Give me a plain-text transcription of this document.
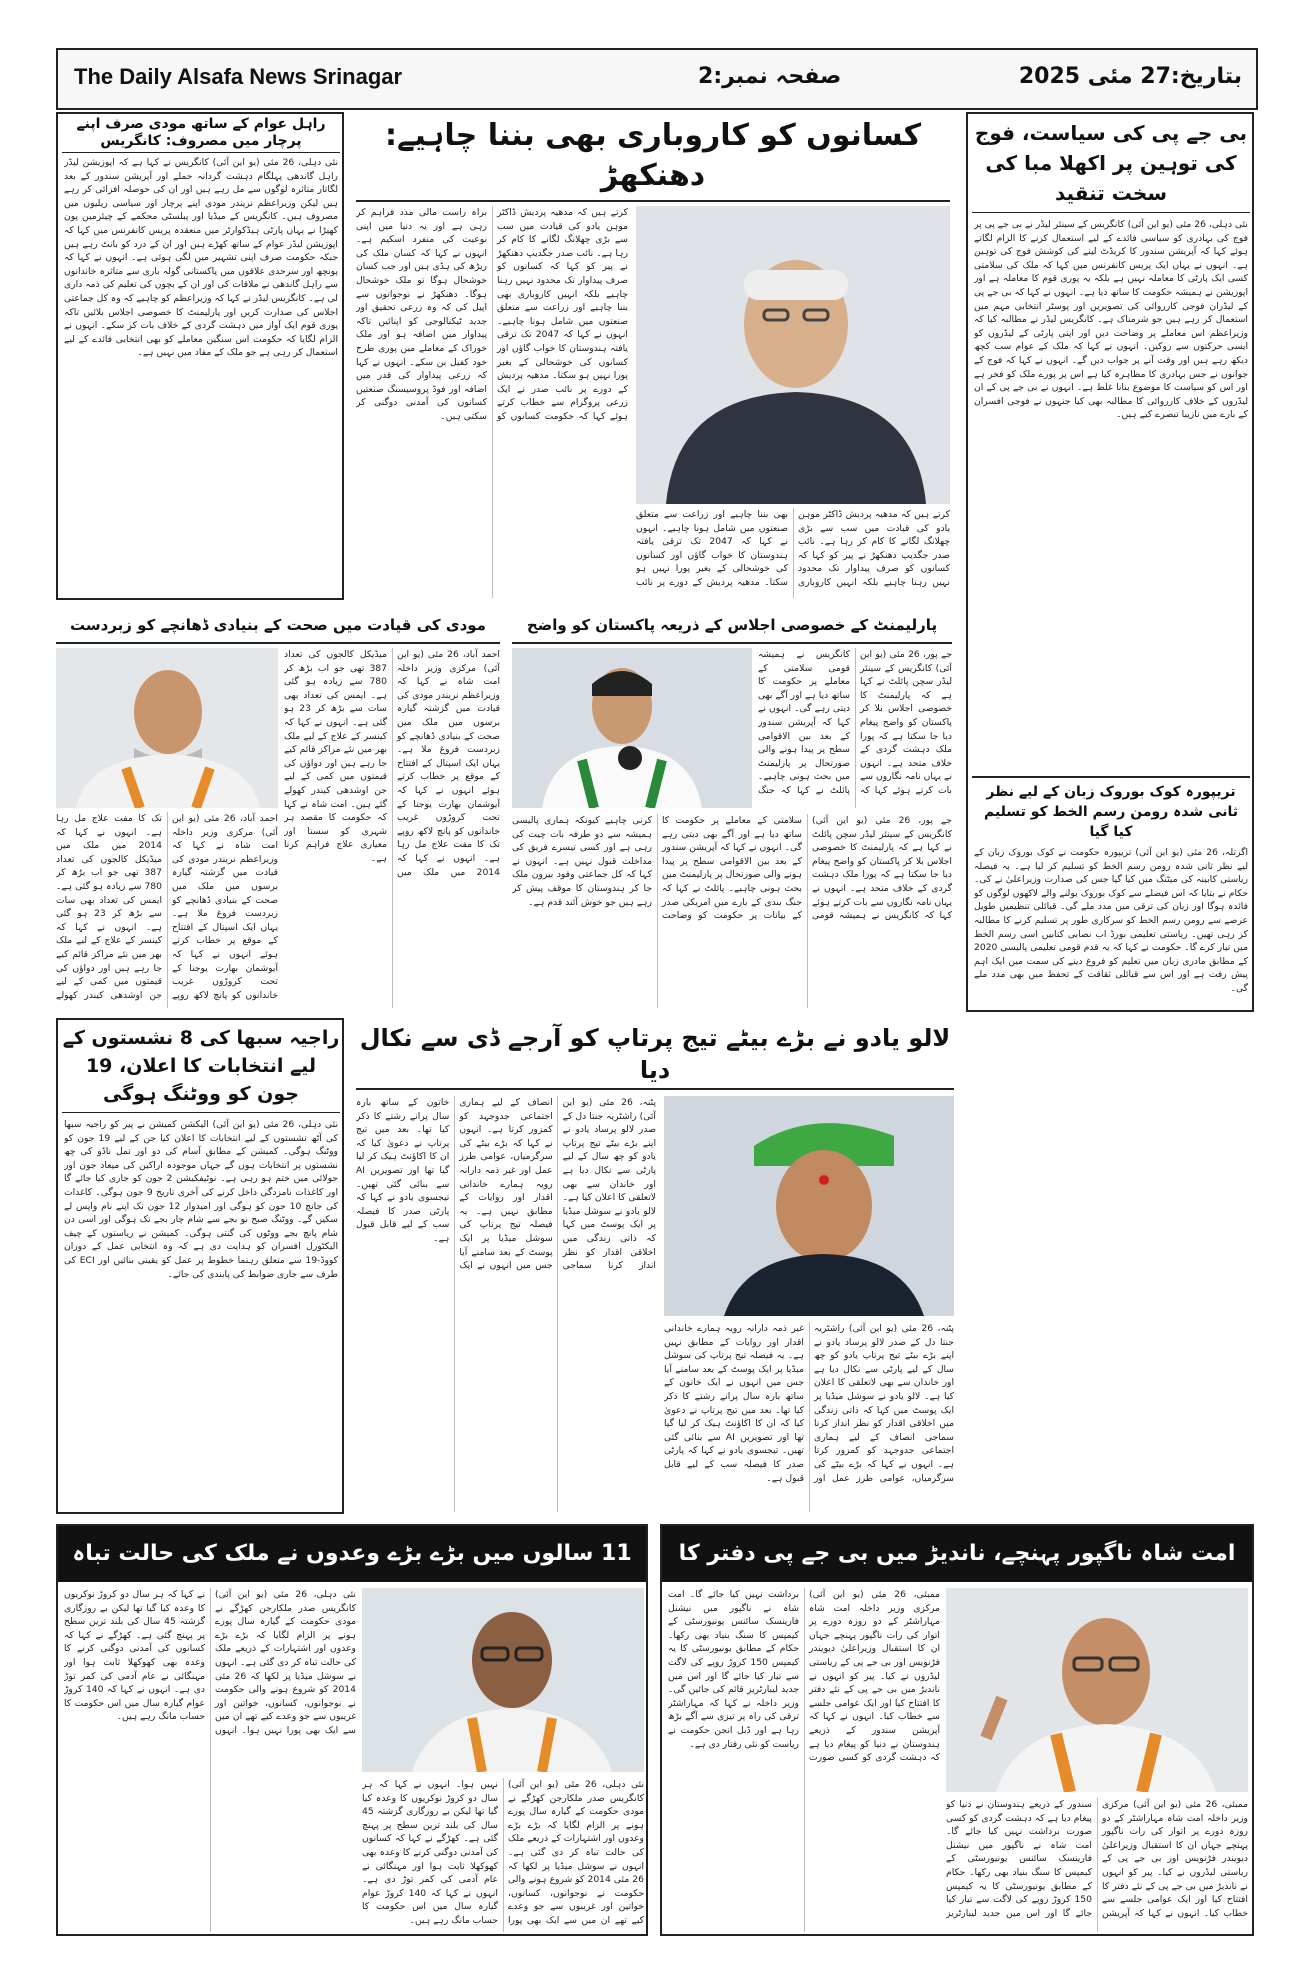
The Daily Alsafa News Srinagar	صفحہ نمبر:2	بتاریخ:27 مئی 2025
راہل عوام کے ساتھ مودی صرف اپنے پرچار میں مصروف: کانگریس
نئی دہلی، 26 مئی (یو این آئی) کانگریس نے کہا ہے کہ اپوزیشن لیڈر راہل گاندھی پہلگام دہشت گردانہ حملے اور آپریشن سندور کے بعد لگاتار متاثرہ لوگوں سے مل رہے ہیں اور ان کی حوصلہ افزائی کر رہے ہیں لیکن وزیراعظم نریندر مودی اپنے پرچار اور سیاسی ریلیوں میں مصروف ہیں۔ کانگریس کے میڈیا اور پبلسٹی محکمے کے چیئرمین پون کھیڑا نے یہاں پارٹی ہیڈکوارٹر میں منعقدہ پریس کانفرنس میں کہا کہ اپوزیشن لیڈر عوام کے ساتھ کھڑے ہیں اور ان کے درد کو بانٹ رہے ہیں جبکہ حکومت صرف اپنی تشہیر میں لگی ہوئی ہے۔ انہوں نے کہا کہ پونچھ اور سرحدی علاقوں میں پاکستانی گولہ باری سے متاثرہ خاندانوں سے راہل گاندھی نے ملاقات کی اور ان کے بچوں کی تعلیم کی ذمہ داری لی ہے۔ کانگریس لیڈر نے کہا کہ وزیراعظم کو چاہیے کہ وہ کل جماعتی اجلاس کی صدارت کریں اور پارلیمنٹ کا خصوصی اجلاس بلائیں تاکہ پوری قوم ایک آواز میں دہشت گردی کے خلاف بات کر سکے۔ انہوں نے الزام لگایا کہ حکومت اس سنگین معاملے کو بھی انتخابی فائدے کے لیے استعمال کر رہی ہے جو ملک کے مفاد میں نہیں ہے۔
کسانوں کو کاروباری بھی بننا چاہیے: دھنکھڑ
کرتے ہیں کہ مدھیہ پردیش ڈاکٹر موہن یادو کی قیادت میں سب سے بڑی چھلانگ لگانے کا کام کر رہا ہے۔ نائب صدر جگدیپ دھنکھڑ نے پیر کو کہا کہ کسانوں کو صرف پیداوار تک محدود نہیں رہنا چاہیے بلکہ انہیں کاروباری بھی بننا چاہیے اور زراعت سے متعلق صنعتوں میں شامل ہونا چاہیے۔ انہوں نے کہا کہ 2047 تک ترقی یافتہ ہندوستان کا خواب گاؤں اور کسانوں کی خوشحالی کے بغیر پورا نہیں ہو سکتا۔ مدھیہ پردیش کے دورے پر نائب صدر نے ایک زرعی پروگرام سے خطاب کرتے ہوئے کہا کہ حکومت کسانوں کو براہ راست مالی مدد فراہم کر رہی ہے اور یہ دنیا میں اپنی نوعیت کی منفرد اسکیم ہے۔ انہوں نے کہا کہ کسان ملک کی ریڑھ کی ہڈی ہیں اور جب کسان خوشحال ہوگا تو ملک خوشحال ہوگا۔ دھنکھڑ نے نوجوانوں سے اپیل کی کہ وہ زرعی تحقیق اور جدید ٹیکنالوجی کو اپنائیں تاکہ پیداوار میں اضافہ ہو اور ملک خوراک کے معاملے میں پوری طرح خود کفیل بن سکے۔ انہوں نے کہا کہ زرعی پیداوار کی قدر میں اضافہ اور فوڈ پروسیسنگ صنعتیں کسانوں کی آمدنی دوگنی کر سکتی ہیں۔
کرتے ہیں کہ مدھیہ پردیش ڈاکٹر موہن یادو کی قیادت میں سب سے بڑی چھلانگ لگانے کا کام کر رہا ہے۔ نائب صدر جگدیپ دھنکھڑ نے پیر کو کہا کہ کسانوں کو صرف پیداوار تک محدود نہیں رہنا چاہیے بلکہ انہیں کاروباری بھی بننا چاہیے اور زراعت سے متعلق صنعتوں میں شامل ہونا چاہیے۔ انہوں نے کہا کہ 2047 تک ترقی یافتہ ہندوستان کا خواب گاؤں اور کسانوں کی خوشحالی کے بغیر پورا نہیں ہو سکتا۔ مدھیہ پردیش کے دورے پر نائب
بی جے پی کی سیاست، فوج کی توہین پر اکھلا مبا کی سخت تنقید
نئی دہلی، 26 مئی (یو این آئی) کانگریس کے سینئر لیڈر نے بی جے پی پر فوج کی بہادری کو سیاسی فائدے کے لیے استعمال کرنے کا الزام لگاتے ہوئے کہا کہ آپریشن سندور کا کریڈٹ لینے کی کوشش فوج کی توہین ہے۔ انہوں نے یہاں ایک پریس کانفرنس میں کہا کہ ملک کی سلامتی کسی ایک پارٹی کا معاملہ نہیں ہے بلکہ یہ پوری قوم کا معاملہ ہے اور اپوزیشن نے ہمیشہ حکومت کا ساتھ دیا ہے۔ انہوں نے کہا کہ بی جے پی کے لیڈران فوجی کارروائی کی تصویریں اور پوسٹر انتخابی مہم میں استعمال کر رہے ہیں جو شرمناک ہے۔ کانگریس لیڈر نے مطالبہ کیا کہ وزیراعظم اس معاملے پر وضاحت دیں اور اپنی پارٹی کے لیڈروں کو ایسی حرکتوں سے روکیں۔ انہوں نے کہا کہ ملک کے عوام سب کچھ دیکھ رہے ہیں اور وقت آنے پر جواب دیں گے۔ انہوں نے کہا کہ فوج کے جوانوں نے جس بہادری کا مظاہرہ کیا ہے اس پر پورے ملک کو فخر ہے اور اس کو سیاست کا موضوع بنانا غلط ہے۔ انہوں نے بی جے پی کے ان لیڈروں کے خلاف کارروائی کا مطالبہ بھی کیا جنہوں نے فوجی افسران کے بارے میں نازیبا تبصرے کیے ہیں۔
تریپورہ کوک بوروک زبان کے لیے نظر ثانی شدہ رومن رسم الخط کو تسلیم کیا گیا
اگرتلہ، 26 مئی (یو این آئی) تریپورہ حکومت نے کوک بوروک زبان کے لیے نظر ثانی شدہ رومن رسم الخط کو تسلیم کر لیا ہے۔ یہ فیصلہ ریاستی کابینہ کی میٹنگ میں کیا گیا جس کی صدارت وزیراعلیٰ نے کی۔ حکام نے بتایا کہ اس فیصلے سے کوک بوروک بولنے والے لاکھوں لوگوں کو فائدہ ہوگا اور زبان کی ترقی میں مدد ملے گی۔ قبائلی تنظیمیں طویل عرصے سے رومن رسم الخط کو سرکاری طور پر تسلیم کرنے کا مطالبہ کر رہی تھیں۔ ریاستی تعلیمی بورڈ اب نصابی کتابیں اسی رسم الخط میں تیار کرے گا۔ حکومت نے کہا کہ یہ قدم قومی تعلیمی پالیسی 2020 کے مطابق مادری زبان میں تعلیم کو فروغ دینے کی سمت میں ایک اہم پیش رفت ہے اور اس سے قبائلی ثقافت کے تحفظ میں بھی مدد ملے گی۔
مودی کی قیادت میں صحت کے بنیادی ڈھانچے کو زبردست
احمد آباد، 26 مئی (یو این آئی) مرکزی وزیر داخلہ امت شاہ نے کہا کہ وزیراعظم نریندر مودی کی قیادت میں گزشتہ گیارہ برسوں میں ملک میں صحت کے بنیادی ڈھانچے کو زبردست فروغ ملا ہے۔ یہاں ایک اسپتال کے افتتاح کے موقع پر خطاب کرتے ہوئے انہوں نے کہا کہ آیوشمان بھارت یوجنا کے تحت کروڑوں غریب خاندانوں کو پانچ لاکھ روپے تک کا مفت علاج مل رہا ہے۔ انہوں نے کہا کہ 2014 میں ملک میں میڈیکل کالجوں کی تعداد 387 تھی جو اب بڑھ کر 780 سے زیادہ ہو گئی ہے۔ ایمس کی تعداد بھی سات سے بڑھ کر 23 ہو گئی ہے۔ انہوں نے کہا کہ کینسر کے علاج کے لیے ملک بھر میں نئے مراکز قائم کیے جا رہے ہیں اور دواؤں کی قیمتوں میں کمی کے لیے جن اوشدھی کیندر کھولے گئے ہیں۔ امت شاہ نے کہا کہ حکومت کا مقصد ہر شہری کو سستا اور معیاری علاج فراہم کرنا ہے۔
احمد آباد، 26 مئی (یو این آئی) مرکزی وزیر داخلہ امت شاہ نے کہا کہ وزیراعظم نریندر مودی کی قیادت میں گزشتہ گیارہ برسوں میں ملک میں صحت کے بنیادی ڈھانچے کو زبردست فروغ ملا ہے۔ یہاں ایک اسپتال کے افتتاح کے موقع پر خطاب کرتے ہوئے انہوں نے کہا کہ آیوشمان بھارت یوجنا کے تحت کروڑوں غریب خاندانوں کو پانچ لاکھ روپے تک کا مفت علاج مل رہا ہے۔ انہوں نے کہا کہ 2014 میں ملک میں میڈیکل کالجوں کی تعداد 387 تھی جو اب بڑھ کر 780 سے زیادہ ہو گئی ہے۔ ایمس کی تعداد بھی سات سے بڑھ کر 23 ہو گئی ہے۔ انہوں نے کہا کہ کینسر کے علاج کے لیے ملک بھر میں نئے مراکز قائم کیے جا رہے ہیں اور دواؤں کی قیمتوں میں کمی کے لیے جن اوشدھی کیندر کھولے
پارلیمنٹ کے خصوصی اجلاس کے ذریعہ پاکستان کو واضح
جے پور، 26 مئی (یو این آئی) کانگریس کے سینئر لیڈر سچن پائلٹ نے کہا ہے کہ پارلیمنٹ کا خصوصی اجلاس بلا کر پاکستان کو واضح پیغام دیا جا سکتا ہے کہ پورا ملک دہشت گردی کے خلاف متحد ہے۔ انہوں نے یہاں نامہ نگاروں سے بات کرتے ہوئے کہا کہ کانگریس نے ہمیشہ قومی سلامتی کے معاملے پر حکومت کا ساتھ دیا ہے اور آگے بھی دیتی رہے گی۔ انہوں نے کہا کہ آپریشن سندور کے بعد بین الاقوامی سطح پر پیدا ہونے والی صورتحال پر پارلیمنٹ میں بحث ہونی چاہیے۔ پائلٹ نے کہا کہ جنگ
جے پور، 26 مئی (یو این آئی) کانگریس کے سینئر لیڈر سچن پائلٹ نے کہا ہے کہ پارلیمنٹ کا خصوصی اجلاس بلا کر پاکستان کو واضح پیغام دیا جا سکتا ہے کہ پورا ملک دہشت گردی کے خلاف متحد ہے۔ انہوں نے یہاں نامہ نگاروں سے بات کرتے ہوئے کہا کہ کانگریس نے ہمیشہ قومی سلامتی کے معاملے پر حکومت کا ساتھ دیا ہے اور آگے بھی دیتی رہے گی۔ انہوں نے کہا کہ آپریشن سندور کے بعد بین الاقوامی سطح پر پیدا ہونے والی صورتحال پر پارلیمنٹ میں بحث ہونی چاہیے۔ پائلٹ نے کہا کہ جنگ بندی کے بارے میں امریکی صدر کے بیانات پر حکومت کو وضاحت کرنی چاہیے کیونکہ ہماری پالیسی ہمیشہ سے دو طرفہ بات چیت کی رہی ہے اور کسی تیسرے فریق کی مداخلت قبول نہیں ہے۔ انہوں نے کہا کہ کل جماعتی وفود بیرون ملک جا کر ہندوستان کا موقف پیش کر رہے ہیں جو خوش آئند قدم ہے۔
راجیہ سبھا کی 8 نشستوں کے لیے انتخابات کا اعلان، 19 جون کو ووٹنگ ہوگی
نئی دہلی، 26 مئی (یو این آئی) الیکشن کمیشن نے پیر کو راجیہ سبھا کی آٹھ نشستوں کے لیے انتخابات کا اعلان کیا جن کے لیے 19 جون کو ووٹنگ ہوگی۔ کمیشن کے مطابق آسام کی دو اور تمل ناڈو کی چھ نشستوں پر انتخابات ہوں گے جہاں موجودہ اراکین کی میعاد جون اور جولائی میں ختم ہو رہی ہے۔ نوٹیفکیشن 2 جون کو جاری کیا جائے گا اور کاغذات نامزدگی داخل کرنے کی آخری تاریخ 9 جون ہوگی۔ کاغذات کی جانچ 10 جون کو ہوگی اور امیدوار 12 جون تک اپنے نام واپس لے سکیں گے۔ ووٹنگ صبح نو بجے سے شام چار بجے تک ہوگی اور اسی دن شام پانچ بجے ووٹوں کی گنتی ہوگی۔ کمیشن نے ریاستوں کے چیف الیکٹورل افسران کو ہدایت دی ہے کہ وہ انتخابی عمل کے دوران کووڈ-19 سے متعلق رہنما خطوط پر عمل کو یقینی بنائیں اور ECI کی طرف سے جاری ضوابط کی پابندی کی جائے۔
لالو یادو نے بڑے بیٹے تیج پرتاپ کو آرجے ڈی سے نکال دیا
پٹنہ، 26 مئی (یو این آئی) راشٹریہ جنتا دل کے صدر لالو پرساد یادو نے اپنے بڑے بیٹے تیج پرتاپ یادو کو چھ سال کے لیے پارٹی سے نکال دیا ہے اور خاندان سے بھی لاتعلقی کا اعلان کیا ہے۔ لالو یادو نے سوشل میڈیا پر ایک پوسٹ میں کہا کہ ذاتی زندگی میں اخلاقی اقدار کو نظر انداز کرنا سماجی انصاف کے لیے ہماری اجتماعی جدوجہد کو کمزور کرتا ہے۔ انہوں نے کہا کہ بڑے بیٹے کی سرگرمیاں، عوامی طرز عمل اور غیر ذمہ دارانہ رویہ ہمارے خاندانی اقدار اور روایات کے مطابق نہیں ہے۔ یہ فیصلہ تیج پرتاپ کی سوشل میڈیا پر ایک پوسٹ کے بعد سامنے آیا جس میں انہوں نے ایک خاتون کے ساتھ بارہ سال پرانے رشتے کا ذکر کیا تھا۔ بعد میں تیج پرتاپ نے دعویٰ کیا کہ ان کا اکاؤنٹ ہیک کر لیا گیا تھا اور تصویریں AI سے بنائی گئی تھیں۔ تیجسوی یادو نے کہا کہ پارٹی صدر کا فیصلہ سب کے لیے قابل قبول ہے۔
پٹنہ، 26 مئی (یو این آئی) راشٹریہ جنتا دل کے صدر لالو پرساد یادو نے اپنے بڑے بیٹے تیج پرتاپ یادو کو چھ سال کے لیے پارٹی سے نکال دیا ہے اور خاندان سے بھی لاتعلقی کا اعلان کیا ہے۔ لالو یادو نے سوشل میڈیا پر ایک پوسٹ میں کہا کہ ذاتی زندگی میں اخلاقی اقدار کو نظر انداز کرنا سماجی انصاف کے لیے ہماری اجتماعی جدوجہد کو کمزور کرتا ہے۔ انہوں نے کہا کہ بڑے بیٹے کی سرگرمیاں، عوامی طرز عمل اور غیر ذمہ دارانہ رویہ ہمارے خاندانی اقدار اور روایات کے مطابق نہیں ہے۔ یہ فیصلہ تیج پرتاپ کی سوشل میڈیا پر ایک پوسٹ کے بعد سامنے آیا جس میں انہوں نے ایک خاتون کے ساتھ بارہ سال پرانے رشتے کا ذکر کیا تھا۔ بعد میں تیج پرتاپ نے دعویٰ کیا کہ ان کا اکاؤنٹ ہیک کر لیا گیا تھا اور تصویریں AI سے بنائی گئی تھیں۔ تیجسوی یادو نے کہا کہ پارٹی صدر کا فیصلہ سب کے لیے قابل قبول ہے۔
11 سالوں میں بڑے بڑے وعدوں نے ملک کی حالت تباہ
نئی دہلی، 26 مئی (یو این آئی) کانگریس صدر ملکارجن کھڑگے نے مودی حکومت کے گیارہ سال پورے ہونے پر الزام لگایا کہ بڑے بڑے وعدوں اور اشتہارات کے ذریعے ملک کی حالت تباہ کر دی گئی ہے۔ انہوں نے سوشل میڈیا پر لکھا کہ 26 مئی 2014 کو شروع ہونے والی حکومت نے نوجوانوں، کسانوں، خواتین اور غریبوں سے جو وعدے کیے تھے ان میں سے ایک بھی پورا نہیں ہوا۔ انہوں نے کہا کہ ہر سال دو کروڑ نوکریوں کا وعدہ کیا گیا تھا لیکن بے روزگاری گزشتہ 45 سال کی بلند ترین سطح پر پہنچ گئی ہے۔ کھڑگے نے کہا کہ کسانوں کی آمدنی دوگنی کرنے کا وعدہ بھی کھوکھلا ثابت ہوا اور مہنگائی نے عام آدمی کی کمر توڑ دی ہے۔ انہوں نے کہا کہ 140 کروڑ عوام گیارہ سال میں اس حکومت کا حساب مانگ رہے ہیں۔
نئی دہلی، 26 مئی (یو این آئی) کانگریس صدر ملکارجن کھڑگے نے مودی حکومت کے گیارہ سال پورے ہونے پر الزام لگایا کہ بڑے بڑے وعدوں اور اشتہارات کے ذریعے ملک کی حالت تباہ کر دی گئی ہے۔ انہوں نے سوشل میڈیا پر لکھا کہ 26 مئی 2014 کو شروع ہونے والی حکومت نے نوجوانوں، کسانوں، خواتین اور غریبوں سے جو وعدے کیے تھے ان میں سے ایک بھی پورا نہیں ہوا۔ انہوں نے کہا کہ ہر سال دو کروڑ نوکریوں کا وعدہ کیا گیا تھا لیکن بے روزگاری گزشتہ 45 سال کی بلند ترین سطح پر پہنچ گئی ہے۔ کھڑگے نے کہا کہ کسانوں کی آمدنی دوگنی کرنے کا وعدہ بھی کھوکھلا ثابت ہوا اور مہنگائی نے عام آدمی کی کمر توڑ دی ہے۔ انہوں نے کہا کہ 140 کروڑ عوام گیارہ سال میں اس حکومت کا حساب مانگ رہے ہیں۔
امت شاہ ناگپور پہنچے، ناندیڑ میں بی جے پی دفتر کا
ممبئی، 26 مئی (یو این آئی) مرکزی وزیر داخلہ امت شاہ مہاراشٹر کے دو روزہ دورے پر اتوار کی رات ناگپور پہنچے جہاں ان کا استقبال وزیراعلیٰ دیویندر فڑنویس اور بی جے پی کے ریاستی لیڈروں نے کیا۔ پیر کو انہوں نے ناندیڑ میں بی جے پی کے نئے دفتر کا افتتاح کیا اور ایک عوامی جلسے سے خطاب کیا۔ انہوں نے کہا کہ آپریشن سندور کے ذریعے ہندوستان نے دنیا کو پیغام دیا ہے کہ دہشت گردی کو کسی صورت برداشت نہیں کیا جائے گا۔ امت شاہ نے ناگپور میں نیشنل فارینسک سائنس یونیورسٹی کے کیمپس کا سنگ بنیاد بھی رکھا۔ حکام کے مطابق یونیورسٹی کا یہ کیمپس 150 کروڑ روپے کی لاگت سے تیار کیا جائے گا اور اس میں جدید لیبارٹریز قائم کی جائیں گی۔ وزیر داخلہ نے کہا کہ مہاراشٹر ترقی کی راہ پر تیزی سے آگے بڑھ رہا ہے اور ڈبل انجن حکومت نے ریاست کو نئی رفتار دی ہے۔
ممبئی، 26 مئی (یو این آئی) مرکزی وزیر داخلہ امت شاہ مہاراشٹر کے دو روزہ دورے پر اتوار کی رات ناگپور پہنچے جہاں ان کا استقبال وزیراعلیٰ دیویندر فڑنویس اور بی جے پی کے ریاستی لیڈروں نے کیا۔ پیر کو انہوں نے ناندیڑ میں بی جے پی کے نئے دفتر کا افتتاح کیا اور ایک عوامی جلسے سے خطاب کیا۔ انہوں نے کہا کہ آپریشن سندور کے ذریعے ہندوستان نے دنیا کو پیغام دیا ہے کہ دہشت گردی کو کسی صورت برداشت نہیں کیا جائے گا۔ امت شاہ نے ناگپور میں نیشنل فارینسک سائنس یونیورسٹی کے کیمپس کا سنگ بنیاد بھی رکھا۔ حکام کے مطابق یونیورسٹی کا یہ کیمپس 150 کروڑ روپے کی لاگت سے تیار کیا جائے گا اور اس میں جدید لیبارٹریز
